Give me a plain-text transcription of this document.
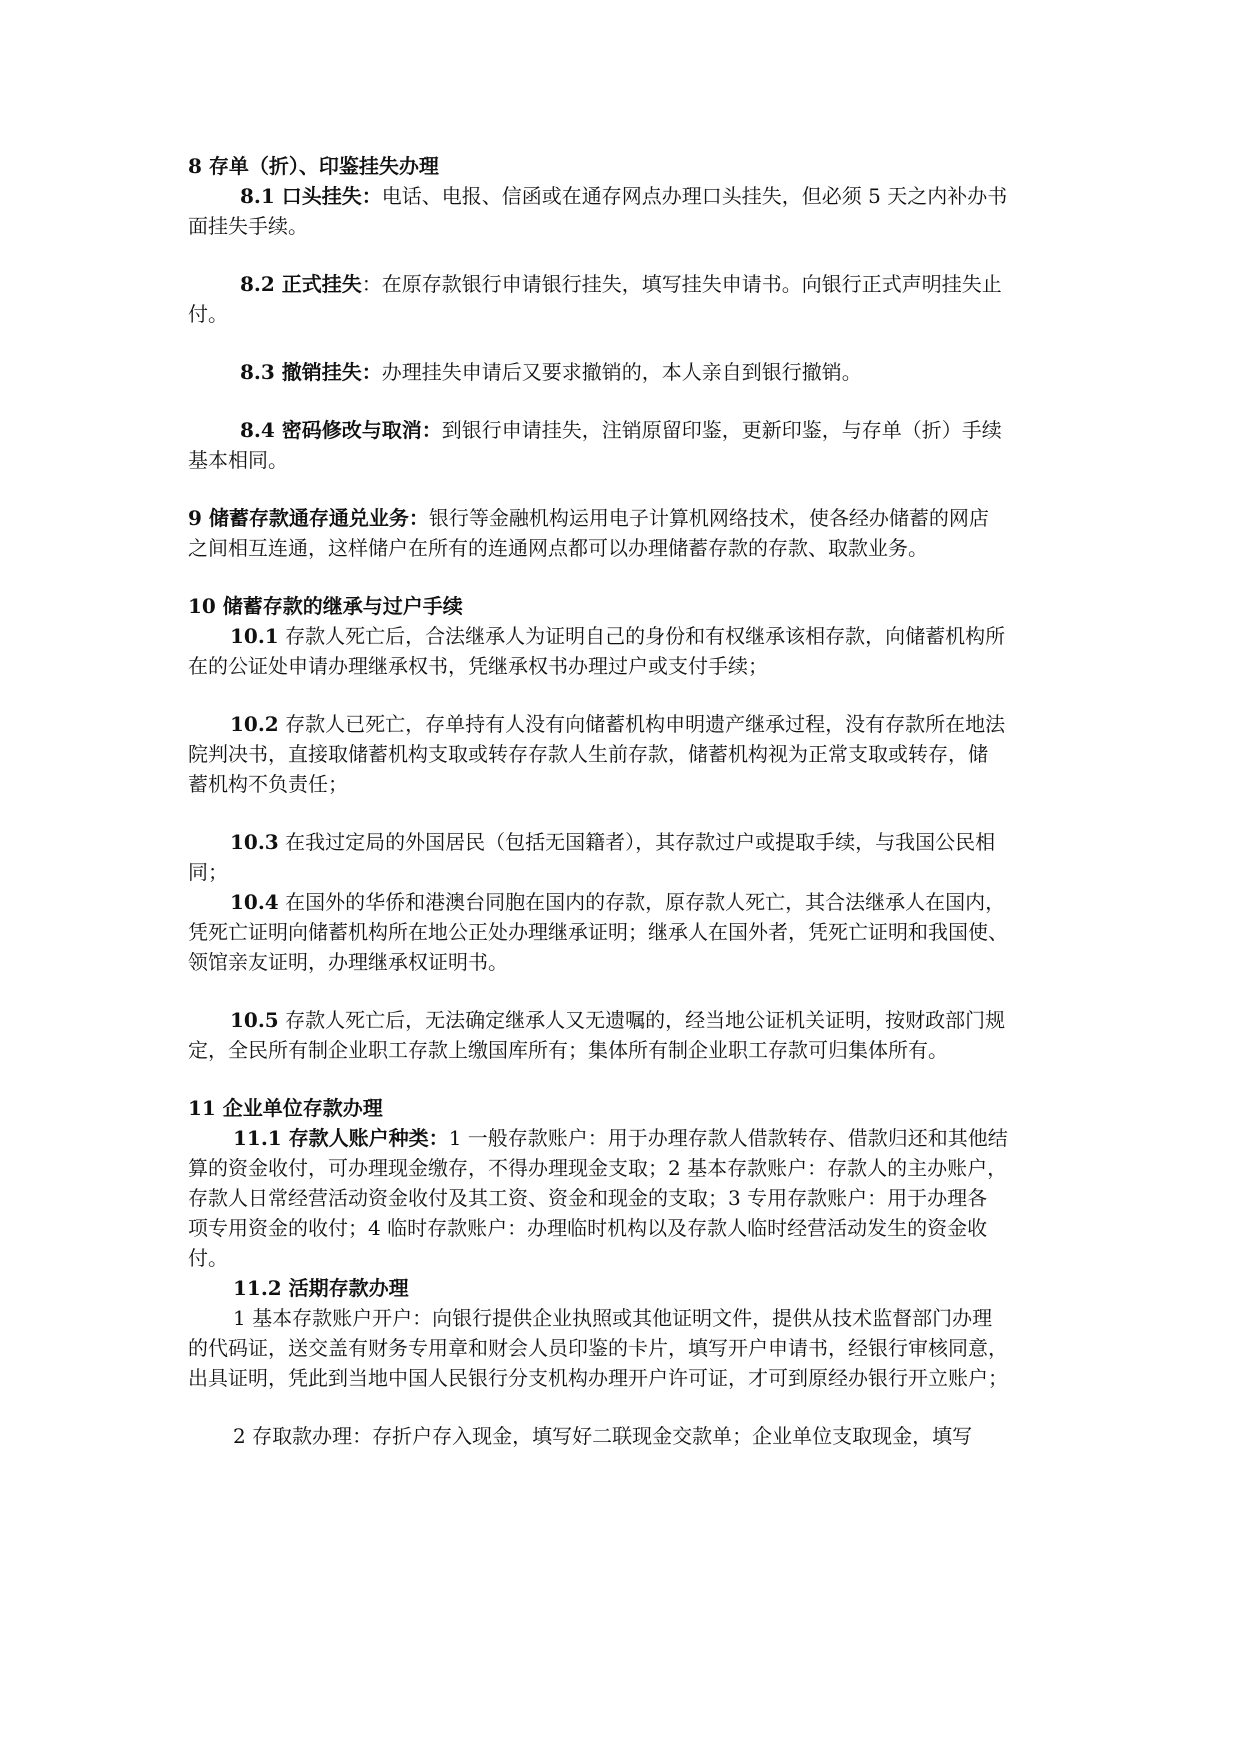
8 存单（折）、印鉴挂失办理
8.1 口头挂失：电话、电报、信函或在通存网点办理口头挂失，但必须 5 天之内补办书
面挂失手续。
8.2 正式挂失：在原存款银行申请银行挂失，填写挂失申请书。向银行正式声明挂失止
付。
8.3 撤销挂失：办理挂失申请后又要求撤销的，本人亲自到银行撤销。
8.4 密码修改与取消：到银行申请挂失，注销原留印鉴，更新印鉴，与存单（折）手续
基本相同。
9 储蓄存款通存通兑业务：银行等金融机构运用电子计算机网络技术，使各经办储蓄的网店
之间相互连通，这样储户在所有的连通网点都可以办理储蓄存款的存款、取款业务。
10 储蓄存款的继承与过户手续
10.1 存款人死亡后，合法继承人为证明自己的身份和有权继承该相存款，向储蓄机构所
在的公证处申请办理继承权书，凭继承权书办理过户或支付手续；
10.2 存款人已死亡，存单持有人没有向储蓄机构申明遗产继承过程，没有存款所在地法
院判决书，直接取储蓄机构支取或转存存款人生前存款，储蓄机构视为正常支取或转存，储
蓄机构不负责任；
10.3 在我过定局的外国居民（包括无国籍者），其存款过户或提取手续，与我国公民相
同；
10.4 在国外的华侨和港澳台同胞在国内的存款，原存款人死亡，其合法继承人在国内，
凭死亡证明向储蓄机构所在地公正处办理继承证明；继承人在国外者，凭死亡证明和我国使、
领馆亲友证明，办理继承权证明书。
10.5 存款人死亡后，无法确定继承人又无遗嘱的，经当地公证机关证明，按财政部门规
定，全民所有制企业职工存款上缴国库所有；集体所有制企业职工存款可归集体所有。
11 企业单位存款办理
11.1 存款人账户种类：1 一般存款账户：用于办理存款人借款转存、借款归还和其他结
算的资金收付，可办理现金缴存，不得办理现金支取；2 基本存款账户：存款人的主办账户，
存款人日常经营活动资金收付及其工资、资金和现金的支取；3 专用存款账户：用于办理各
项专用资金的收付；4 临时存款账户：办理临时机构以及存款人临时经营活动发生的资金收
付。
11.2 活期存款办理
1 基本存款账户开户：向银行提供企业执照或其他证明文件，提供从技术监督部门办理
的代码证，送交盖有财务专用章和财会人员印鉴的卡片，填写开户申请书，经银行审核同意，
出具证明，凭此到当地中国人民银行分支机构办理开户许可证，才可到原经办银行开立账户；
2 存取款办理：存折户存入现金，填写好二联现金交款单；企业单位支取现金，填写
